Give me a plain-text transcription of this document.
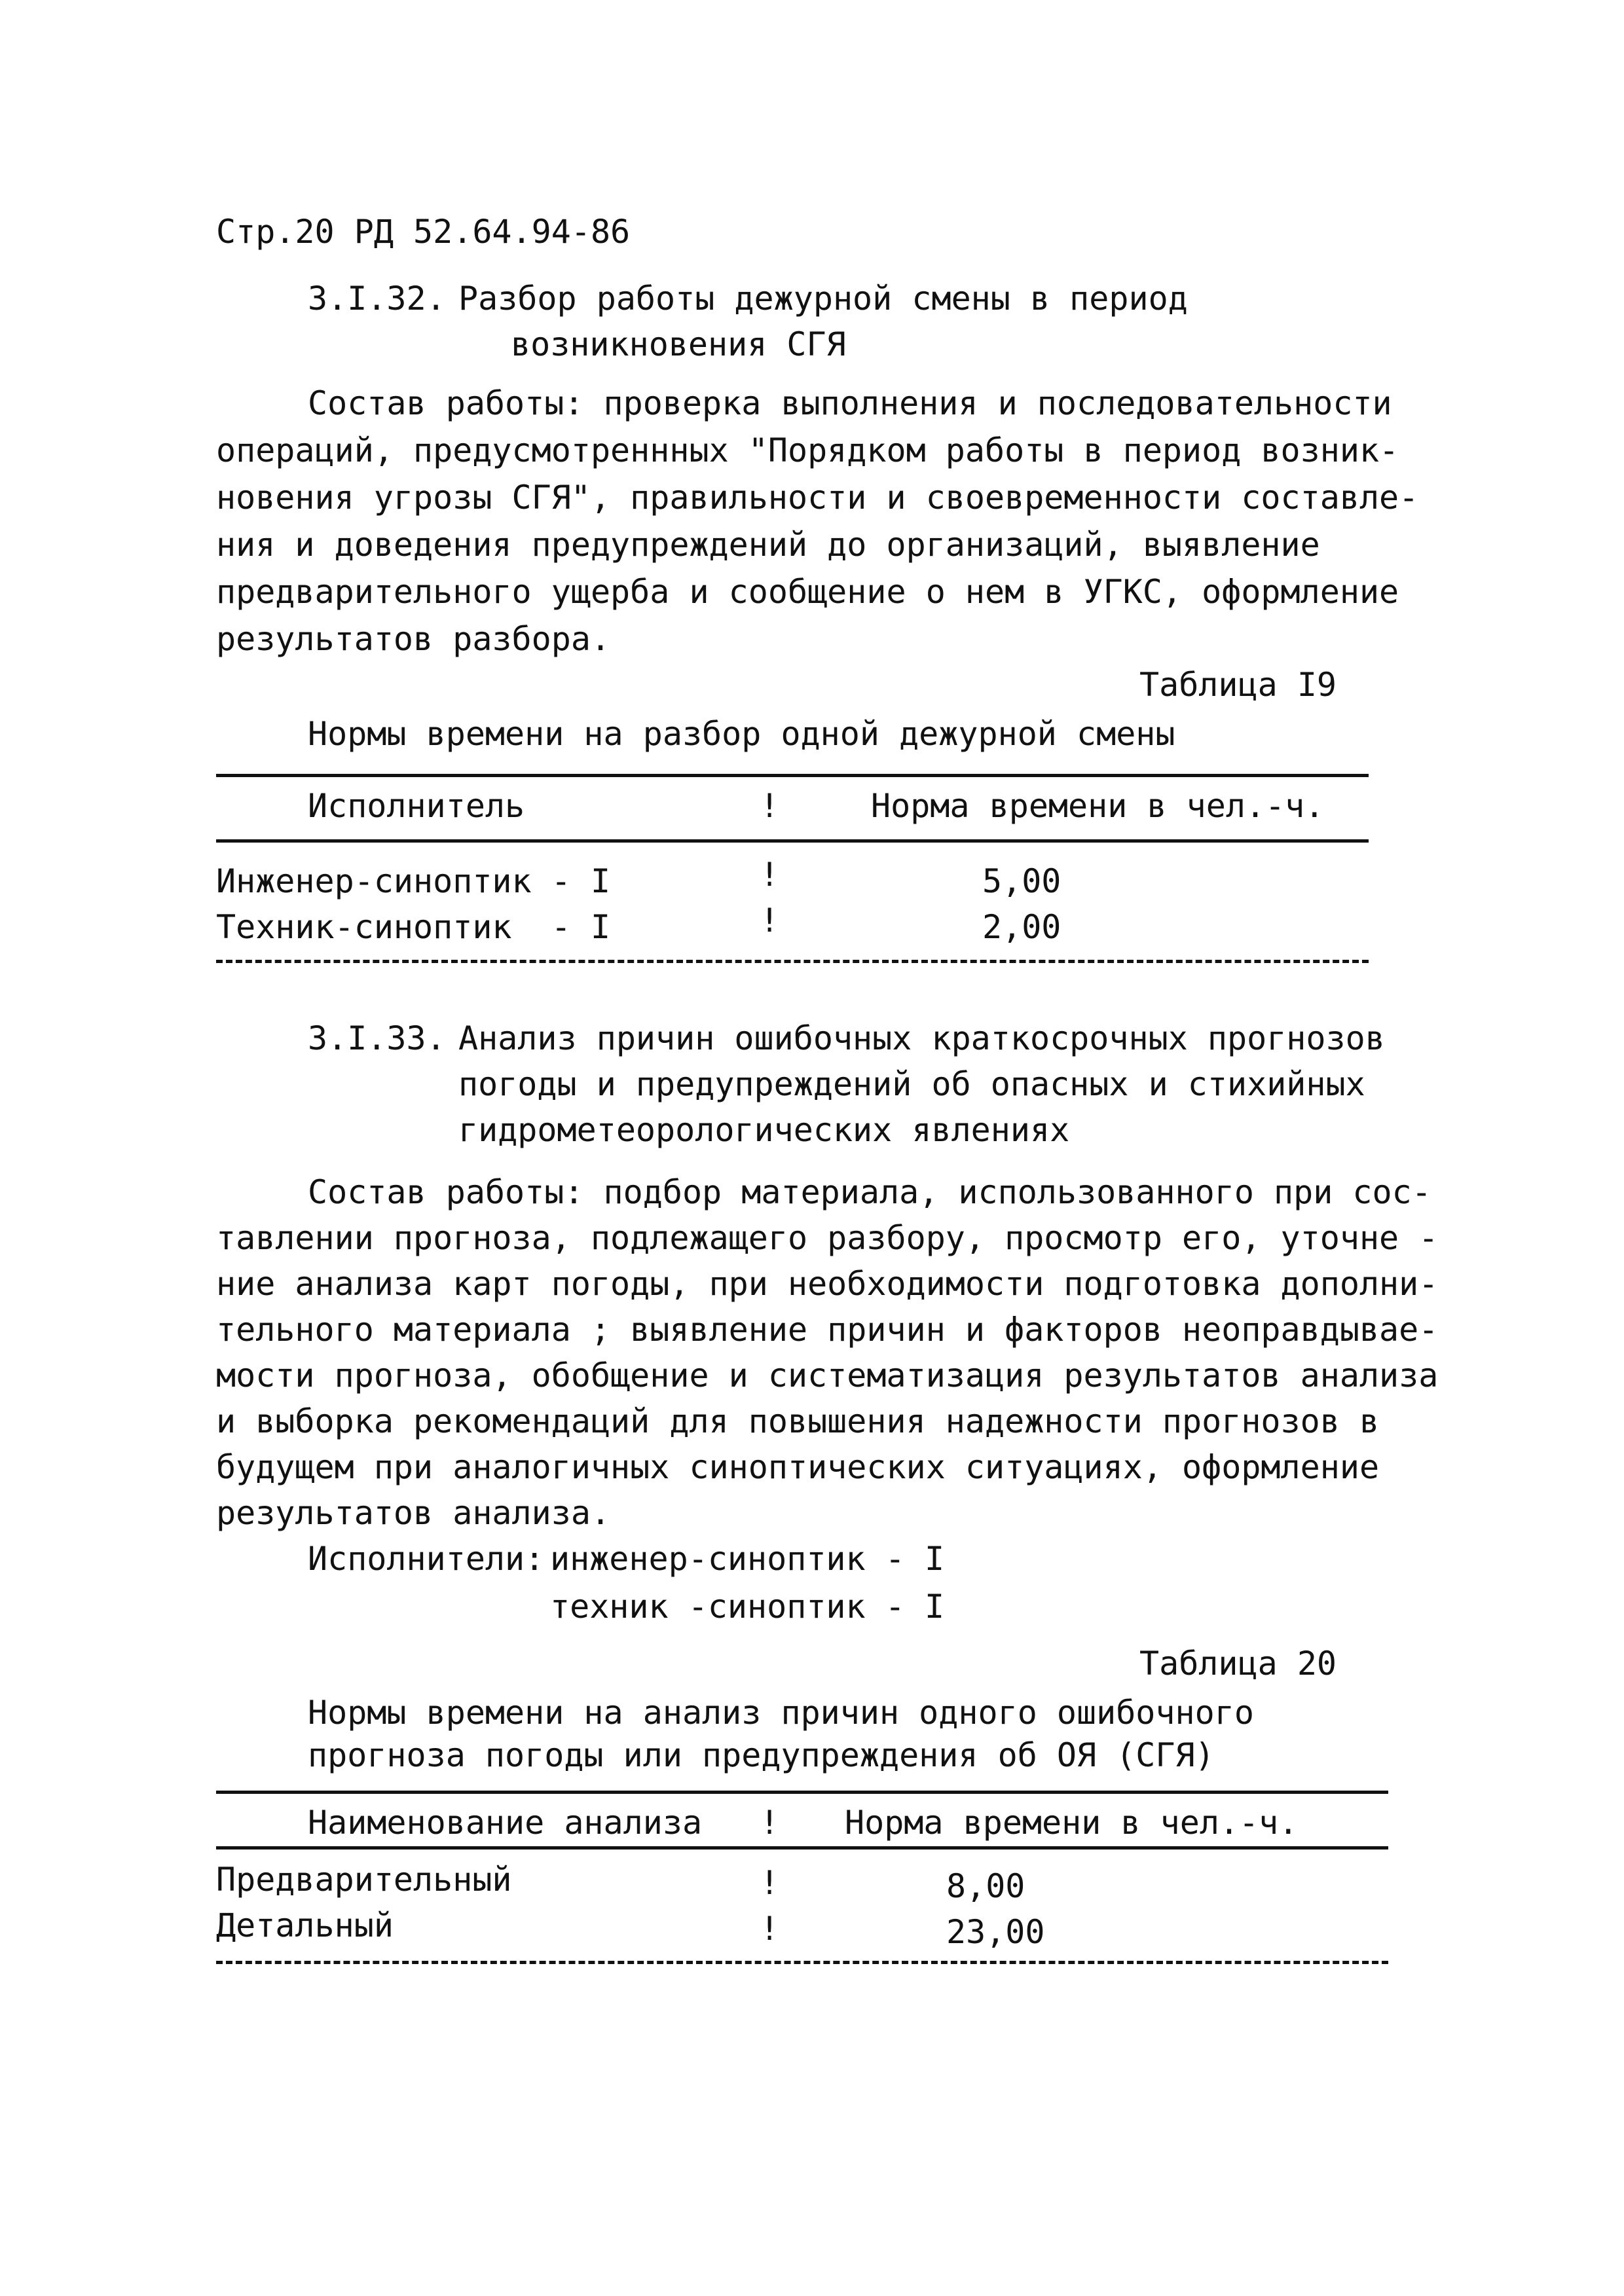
Стр.20 РД 52.64.94-86
3.I.32. Разбор работы дежурной смены в период
возникновения СГЯ
Состав работы: проверка выполнения и последовательности
операций, предусмотреннных "Порядком работы в период возник-
новения угрозы СГЯ", правильности и своевременности составле-
ния и доведения предупреждений до организаций, выявление
предварительного ущерба и сообщение о нем в УГКС, оформление
результатов разбора.
Таблица I9
Нормы времени на разбор одной дежурной смены
Исполнитель	!	Норма времени в чел.-ч.
Инженер-синоптик - I	!	5,00
Техник-синоптик  - I	!	2,00
3.I.33. Анализ причин ошибочных краткосрочных прогнозов
погоды и предупреждений об опасных и стихийных
гидрометеорологических явлениях
Состав работы: подбор материала, использованного при сос-
тавлении прогноза, подлежащего разбору, просмотр его, уточне -
ние анализа карт погоды, при необходимости подготовка дополни-
тельного материала ; выявление причин и факторов неоправдывае-
мости прогноза, обобщение и систематизация результатов анализа
и выборка рекомендаций для повышения надежности прогнозов в
будущем при аналогичных синоптических ситуациях, оформление
результатов анализа.
Исполнители: инженер-синоптик - I
техник -синоптик - I
Таблица 20
Нормы времени на анализ причин одного ошибочного
прогноза погоды или предупреждения об ОЯ (СГЯ)
Наименование анализа ! Норма времени в чел.-ч.
Предварительный	!	8,00
Детальный	!	23,00
